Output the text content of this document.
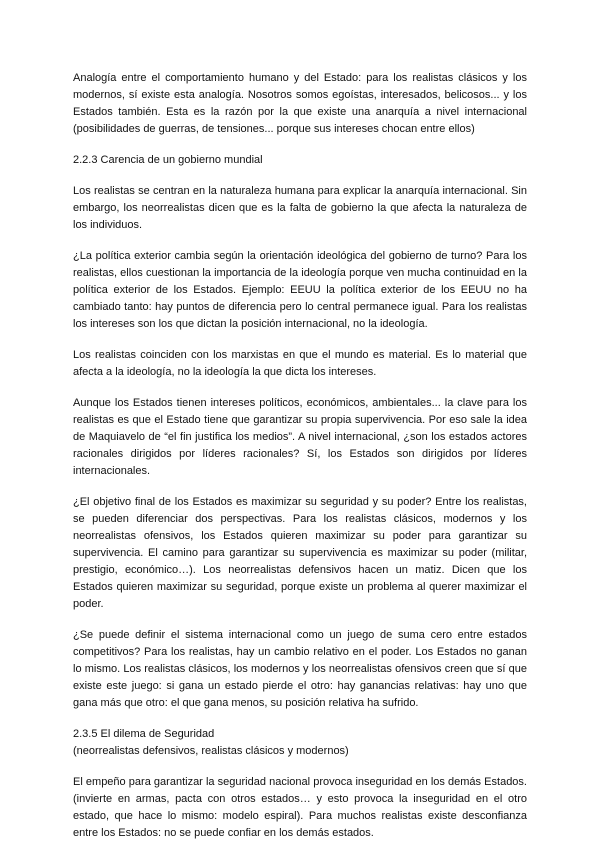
Analogía entre el comportamiento humano y del Estado: para los realistas clásicos y los modernos, sí existe esta analogía. Nosotros somos egoístas, interesados, belicosos... y los Estados también. Esta es la razón por la que existe una anarquía a nivel internacional (posibilidades de guerras, de tensiones... porque sus intereses chocan entre ellos)

2.2.3 Carencia de un gobierno mundial

Los realistas se centran en la naturaleza humana para explicar la anarquía internacional. Sin embargo, los neorrealistas dicen que es la falta de gobierno la que afecta la naturaleza de los individuos.

¿La política exterior cambia según la orientación ideológica del gobierno de turno? Para los realistas, ellos cuestionan la importancia de la ideología porque ven mucha continuidad en la política exterior de los Estados. Ejemplo: EEUU la política exterior de los EEUU no ha cambiado tanto: hay puntos de diferencia pero lo central permanece igual. Para los realistas los intereses son los que dictan la posición internacional, no la ideología.

Los realistas coinciden con los marxistas en que el mundo es material. Es lo material que afecta a la ideología, no la ideología la que dicta los intereses.

Aunque los Estados tienen intereses políticos, económicos, ambientales... la clave para los realistas es que el Estado tiene que garantizar su propia supervivencia. Por eso sale la idea de Maquiavelo de “el fin justifica los medios”. A nivel internacional, ¿son los estados actores racionales dirigidos por líderes racionales? Sí, los Estados son dirigidos por líderes internacionales.

¿El objetivo final de los Estados es maximizar su seguridad y su poder? Entre los realistas, se pueden diferenciar dos perspectivas. Para los realistas clásicos, modernos y los neorrealistas ofensivos, los Estados quieren maximizar su poder para garantizar su supervivencia. El camino para garantizar su supervivencia es maximizar su poder (militar, prestigio, económico…). Los neorrealistas defensivos hacen un matiz. Dicen que los Estados quieren maximizar su seguridad, porque existe un problema al querer maximizar el poder.

¿Se puede definir el sistema internacional como un juego de suma cero entre estados competitivos? Para los realistas, hay un cambio relativo en el poder. Los Estados no ganan lo mismo. Los realistas clásicos, los modernos y los neorrealistas ofensivos creen que sí que existe este juego: si gana un estado pierde el otro: hay ganancias relativas: hay uno que gana más que otro: el que gana menos, su posición relativa ha sufrido.

2.3.5 El dilema de Seguridad
(neorrealistas defensivos, realistas clásicos y modernos)

El empeño para garantizar la seguridad nacional provoca inseguridad en los demás Estados. (invierte en armas, pacta con otros estados… y esto provoca la inseguridad en el otro estado, que hace lo mismo: modelo espiral). Para muchos realistas existe desconfianza entre los Estados: no se puede confiar en los demás estados.
